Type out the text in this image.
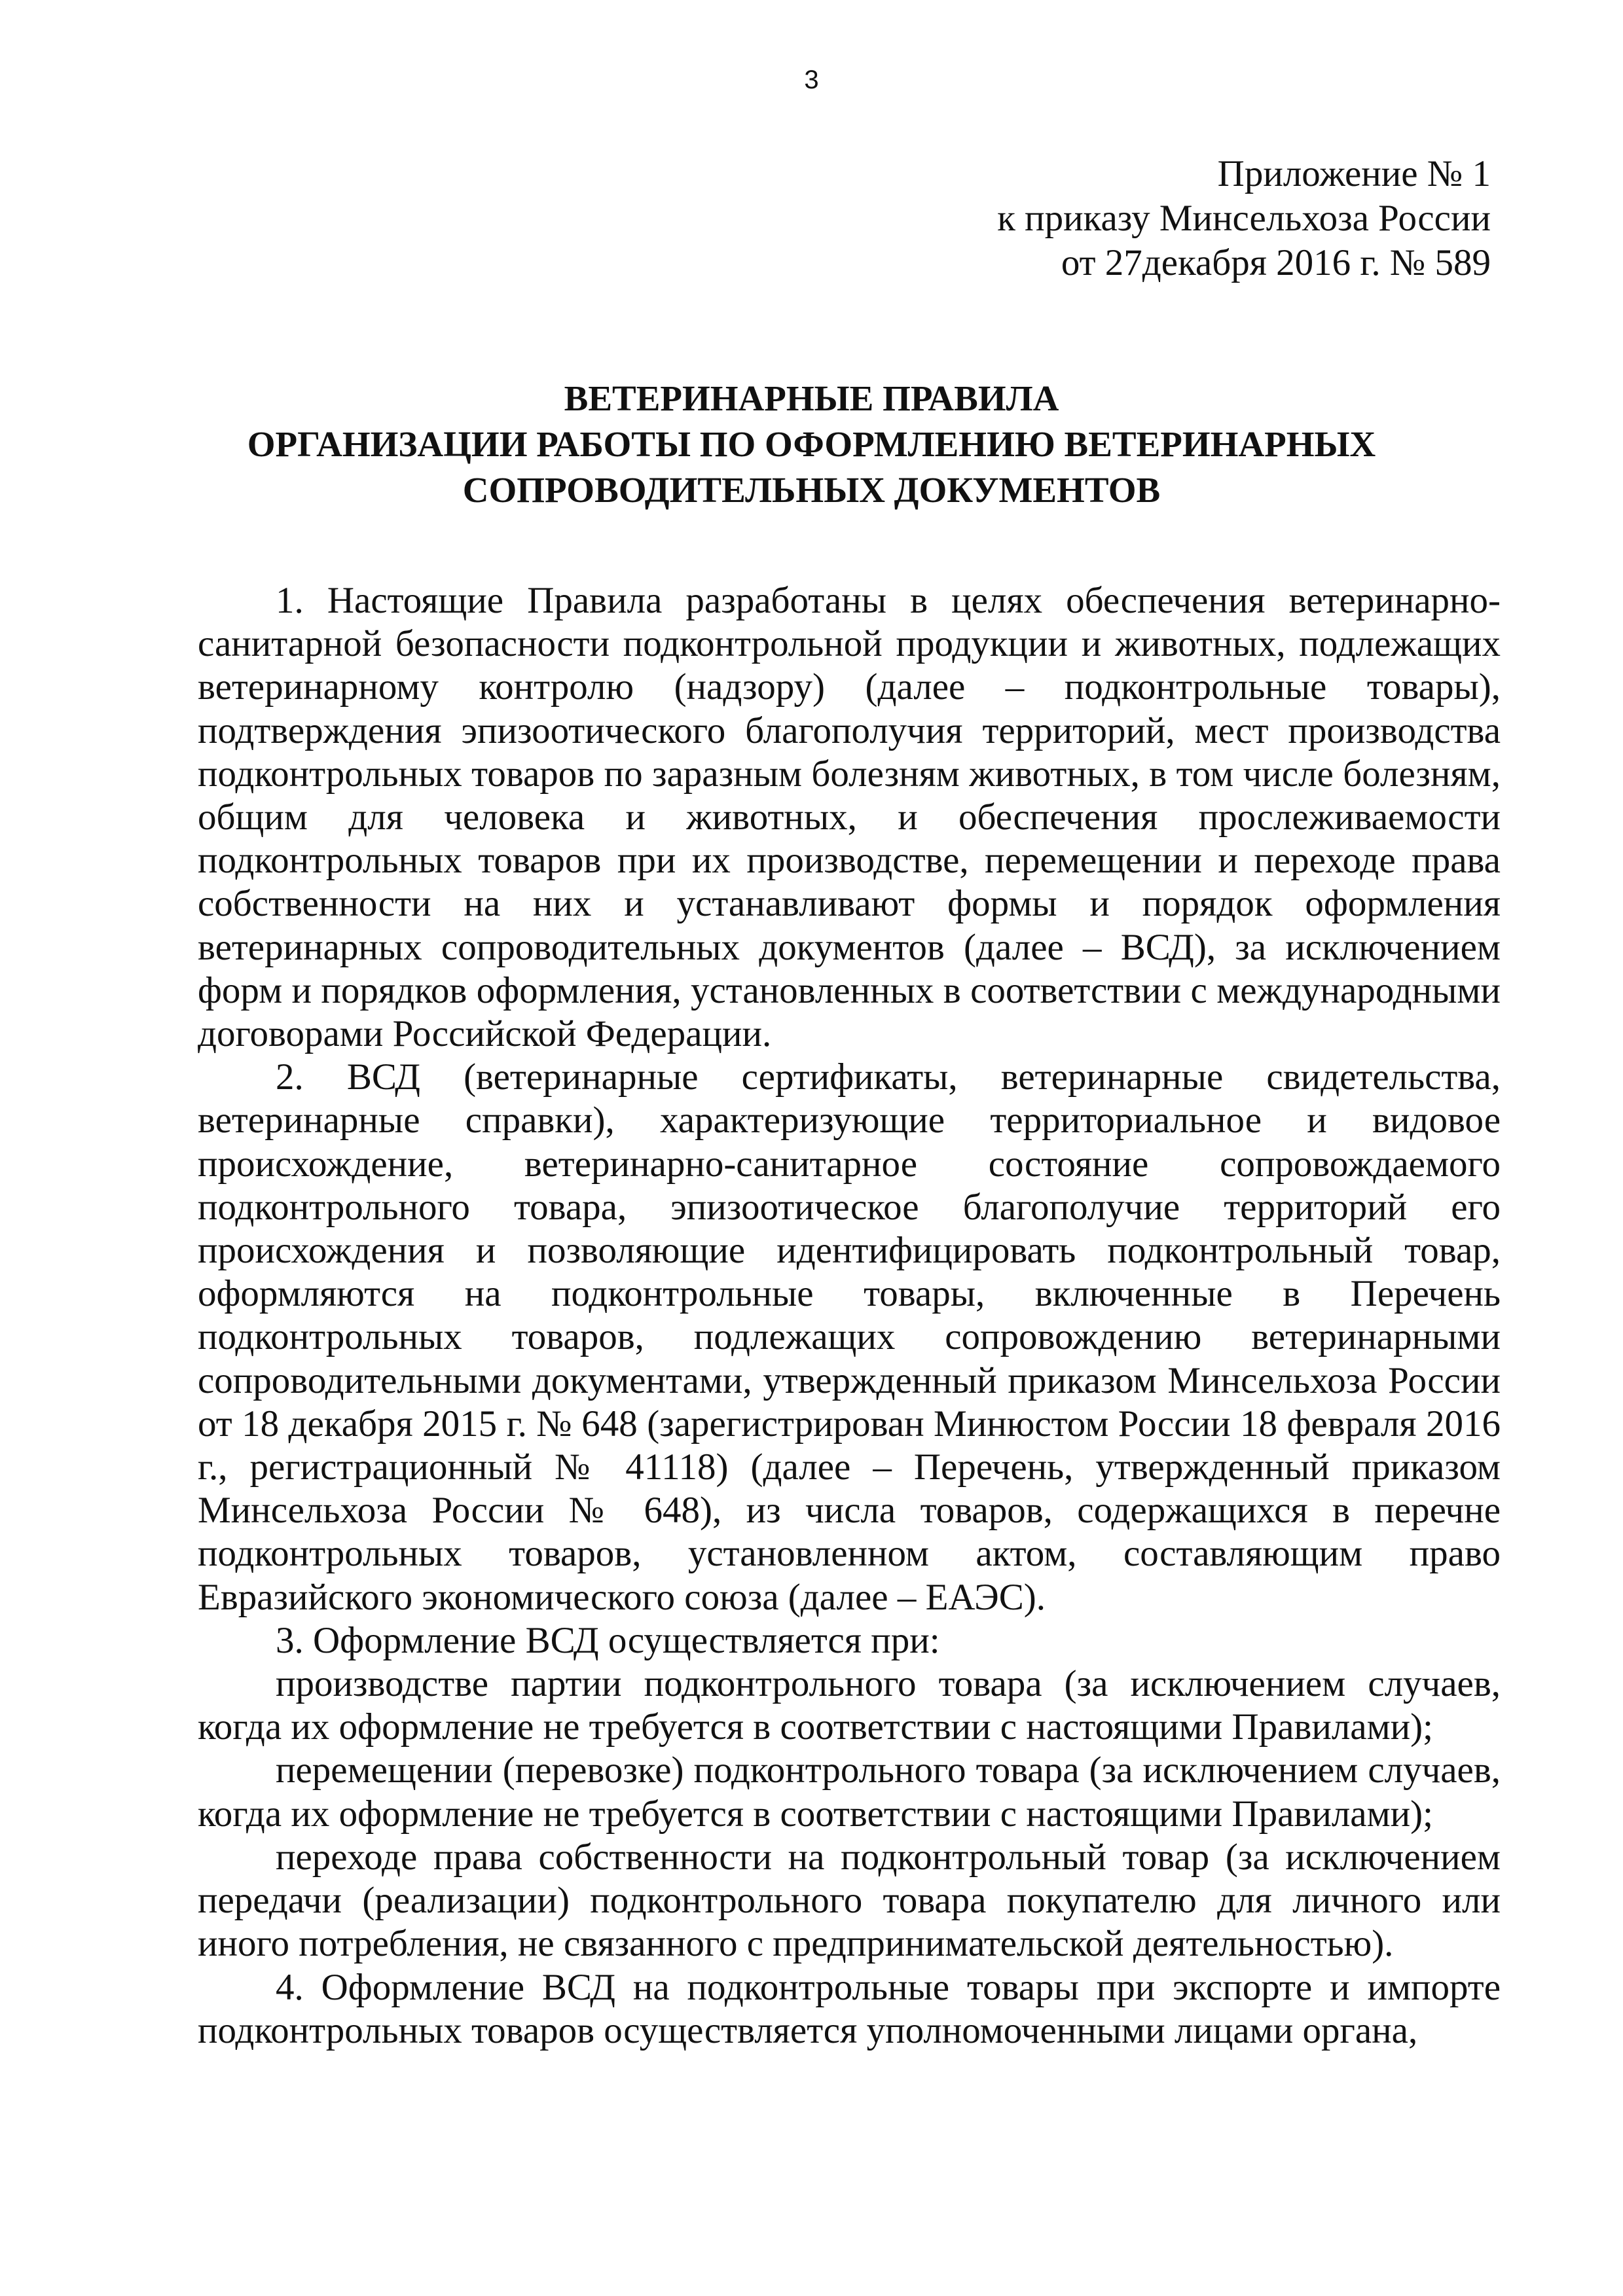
3
Приложение № 1
к приказу Минсельхоза России
от 27декабря 2016 г. № 589
ВЕТЕРИНАРНЫЕ ПРАВИЛА
ОРГАНИЗАЦИИ РАБОТЫ ПО ОФОРМЛЕНИЮ ВЕТЕРИНАРНЫХ
СОПРОВОДИТЕЛЬНЫХ ДОКУМЕНТОВ

1. Настоящие Правила разработаны в целях обеспечения ветеринарно-санитарной безопасности подконтрольной продукции и животных, подлежащих ветеринарному контролю (надзору) (далее – подконтрольные товары), подтверждения эпизоотического благополучия территорий, мест производства подконтрольных товаров по заразным болезням животных, в том числе болезням, общим для человека и животных, и обеспечения прослеживаемости подконтрольных товаров при их производстве, перемещении и переходе права собственности на них и устанавливают формы и порядок оформления ветеринарных сопроводительных документов (далее – ВСД), за исключением форм и порядков оформления, установленных в соответствии с международными договорами Российской Федерации.

2. ВСД (ветеринарные сертификаты, ветеринарные свидетельства, ветеринарные справки), характеризующие территориальное и видовое происхождение, ветеринарно-санитарное состояние сопровождаемого подконтрольного товара, эпизоотическое благополучие территорий его происхождения и позволяющие идентифицировать подконтрольный товар, оформляются на подконтрольные товары, включенные в Перечень подконтрольных товаров, подлежащих сопровождению ветеринарными сопроводительными документами, утвержденный приказом Минсельхоза России от 18 декабря 2015 г. № 648 (зарегистрирован Минюстом России 18 февраля 2016 г., регистрационный № 41118) (далее – Перечень, утвержденный приказом Минсельхоза России № 648), из числа товаров, содержащихся в перечне подконтрольных товаров, установленном актом, составляющим право Евразийского экономического союза (далее – ЕАЭС).

3. Оформление ВСД осуществляется при:

производстве партии подконтрольного товара (за исключением случаев, когда их оформление не требуется в соответствии с настоящими Правилами);

перемещении (перевозке) подконтрольного товара (за исключением случаев, когда их оформление не требуется в соответствии с настоящими Правилами);

переходе права собственности на подконтрольный товар (за исключением передачи (реализации) подконтрольного товара покупателю для личного или иного потребления, не связанного с предпринимательской деятельностью).

4. Оформление ВСД на подконтрольные товары при экспорте и импорте подконтрольных товаров осуществляется уполномоченными лицами органа,
